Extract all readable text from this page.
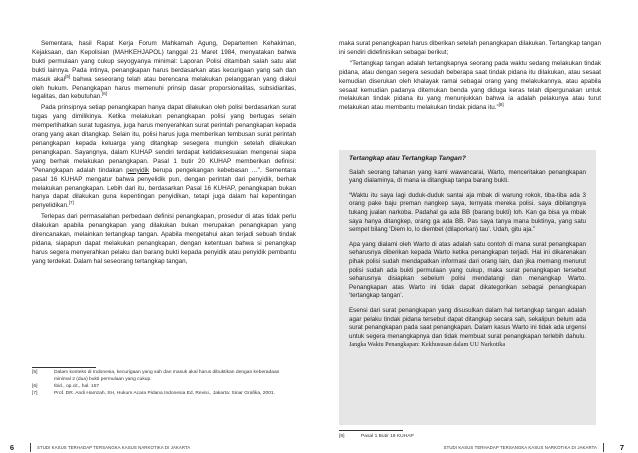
Sementara, hasil Rapat Kerja Forum Mahkamah Agung, Departemen Kehakiman, Kejaksaan, dan Kepolisian (MAHKEHJAPOL) tanggal 21 Maret 1984, menyatakan bahwa bukti permulaan yang cukup seyogyanya minimal: Laporan Polisi ditambah salah satu alat bukti lainnya. Pada intinya, penangkapan harus berdasarkan atas kecurigaan yang sah dan masuk akal[5] bahwa seseorang telah atau berencana melakukan pelanggaran yang diakui oleh hukum. Penangkapan harus memenuhi prinsip dasar proporsionalitas, subsidiaritas, legalitas, dan kebutuhan.[6]

Pada prinsipnya setiap penangkapan hanya dapat dilakukan oleh polisi berdasarkan surat tugas yang dimilikinya. Ketika melakukan penangkapan polisi yang bertugas selain memperlihatkan surat tugasnya, juga harus menyerahkan surat perintah penangkapan kepada orang yang akan ditangkap. Selain itu, polisi harus juga memberikan tembusan surat perintah penangkapan kepada keluarga yang ditangkap sesegera mungkin setelah dilakukan penangkapan. Sayangnya, dalam KUHAP sendiri terdapat ketidaksesuaian mengenai siapa yang berhak melakukan penangkapan. Pasal 1 butir 20 KUHAP memberikan definisi: “Penangkapan adalah tindakan penyidik berupa pengekangan kebebasan …”. Sementara pasal 16 KUHAP mengatur bahwa penyelidik pun, dengan perintah dari penyidik, berhak melakukan penangkapan. Lebih dari itu, berdasarkan Pasal 16 KUHAP, penangkapan bukan hanya dapat dilakukan guna kepentingan penyidikan, tetapi juga dalam hal kepentingan penyelidikan.[7]

Terlepas dari permasalahan perbedaan definisi penangkapan, prosedur di atas tidak perlu dilakukan apabila penangkapan yang dilakukan bukan merupakan penangkapan yang direncanakan, melainkan tertangkap tangan. Apabila mengetahui akan terjadi sebuah tindak pidana, siapapun dapat melakukan penangkapan, dengan ketentuan bahwa si penangkap harus segera menyerahkan pelaku dan barang bukti kepada penyidik atau penyidik pembantu yang terdekat. Dalam hal seseorang tertangkap tangan,

[5]	Dalam konteks di Indonesia, kecurigaan yang sah dan masuk akal harus dibuktikan dengan keberadaan minimal 2 (dua) bukti permulaan yang cukup.
[6]	Ibid., op.cit., hal. 157
[7]	Prof. DR. Andi Hamzah, SH, Hukum Acara Pidana Indonesia Ed. Revisi., Jakarta: Sinar Grafika, 2001.
6	STUDI KASUS TERHADAP TERSANGKA KASUS NARKOTIKA DI JAKARTA

maka surat penangkapan harus diberikan setelah penangkapan dilakukan. Tertangkap tangan ini sendiri didefinisikan sebagai berikut;

“Tertangkap tangan adalah tertangkapnya seorang pada waktu sedang melakukan tindak pidana, atau dengan segera sesudah beberapa saat tindak pidana itu dilakukan, atau sesaat kemudian diserukan oleh khalayak ramai sebagai orang yang melakukannya, atau apabila sesaat kemudian padanya ditemukan benda yang diduga keras telah dipergunakan untuk melakukan tindak pidana itu yang menunjukkan bahwa ia adalah pelakunya atau turut melakukan atau membantu melakukan tindak pidana itu.”[8]

STUDI KASUS TERHADAP TERSANGKA KASUS NARKOTIKA DI JAKARTA	7
Tertangkap atau Tertangkap Tangan?

Salah seorang tahanan yang kami wawancarai, Warto, menceritakan penangkapan yang dialaminya, di mana ia ditangkap tanpa barang bukti.

“Waktu itu saya lagi duduk-duduk santai aja mbak di warung rokok, tiba-tiba ada 3 orang pake baju preman nangkep saya, ternyata mereka polisi. saya dibilangnya tukang jualan narkoba. Padahal ga ada BB (barang bukti) loh. Kan ga bisa ya mbak saya hanya ditangkep, orang ga ada BB. Pas saya tanya mana buktinya, yang satu sempet bilang ‘Diem lo, lo diembet (dilaporkan) tau’. Udah, gitu aja.”

Apa yang dialami oleh Warto di atas adalah satu contoh di mana surat penangkapan seharusnya diberikan kepada Warto ketika penangkapan terjadi. Hal ini dikarenakan pihak polisi sudah mendapatkan informasi dari orang lain, dan jika memang menurut polisi sudah ada bukti permulaan yang cukup, maka surat penangkapan tersebut seharusnya disiapkan sebelum polisi mendatangi dan menangkap Warto. Penangkapan atas Warto ini tidak dapat dikategorikan sebagai penangkapan ‘tertangkap tangan’.

Esensi dari surat penangkapan yang disusulkan dalam hal tertangkap tangan adalah agar pelaku tindak pidana tersebut dapat ditangkap secara sah, sekalipun belum ada surat penangkapan pada saat penangkapan. Dalam kasus Warto ini tidak ada urgensi untuk segera menangkapnya dan tidak membuat surat penangkapan terlebih dahulu. Jangka Waktu Penangkapan: Kekhususan dalam UU Narkotika

[8]	Pasal 1 Butir 19 KUHAP
